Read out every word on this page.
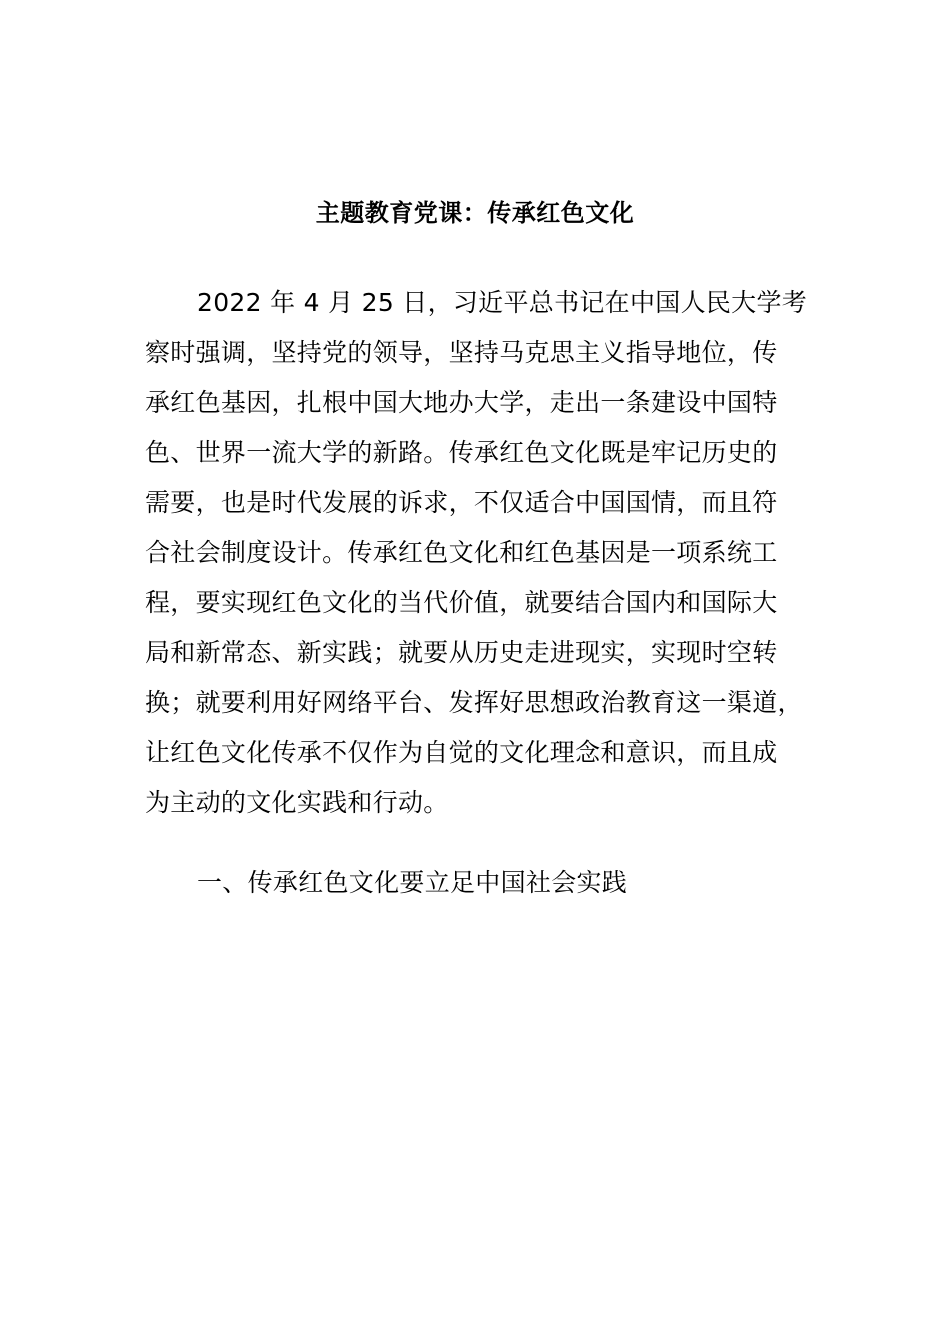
主题教育党课：传承红色文化
2022 年 4 月 25 日，习近平总书记在中国人民大学考
察时强调，坚持党的领导，坚持马克思主义指导地位，传
承红色基因，扎根中国大地办大学，走出一条建设中国特
色、世界一流大学的新路。传承红色文化既是牢记历史的
需要，也是时代发展的诉求，不仅适合中国国情，而且符
合社会制度设计。传承红色文化和红色基因是一项系统工
程，要实现红色文化的当代价值，就要结合国内和国际大
局和新常态、新实践；就要从历史走进现实，实现时空转
换；就要利用好网络平台、发挥好思想政治教育这一渠道，
让红色文化传承不仅作为自觉的文化理念和意识，而且成
为主动的文化实践和行动。
一、传承红色文化要立足中国社会实践
